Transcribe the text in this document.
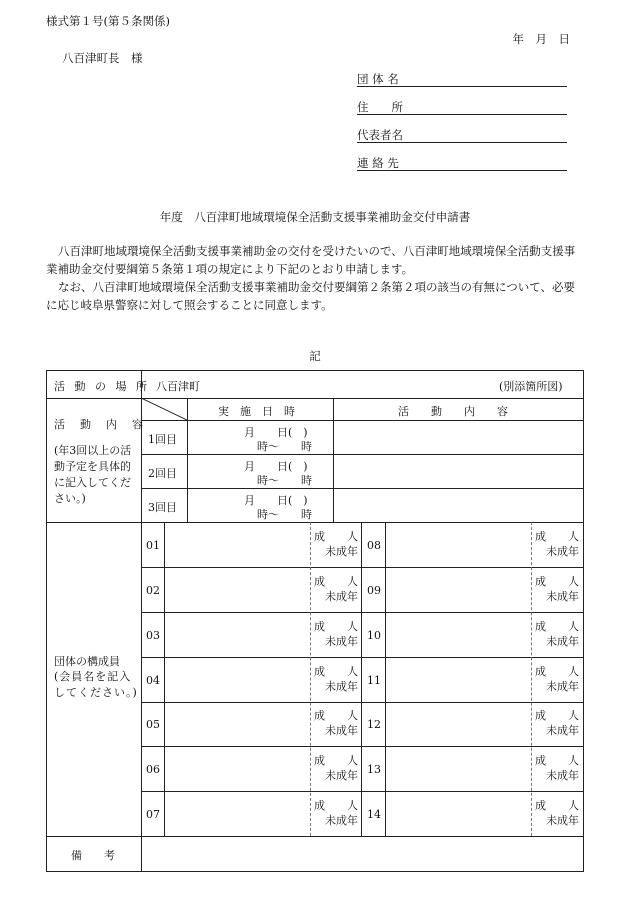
様式第１号(第５条関係)
年　月　日
八百津町長　様
団 体 名
住　　所
代表者名
連 絡 先
年度　八百津町地域環境保全活動支援事業補助金交付申請書
八百津町地域環境保全活動支援事業補助金の交付を受けたいので、八百津町地域環境保全活動支援事業補助金交付要綱第５条第１項の規定により下記のとおり申請します。
なお、八百津町地域環境保全活動支援事業補助金交付要綱第２条第２項の該当の有無について、必要に応じ岐阜県警察に対して照会することに同意します。
記
活 動 の 場 所 八百津町	(別添箇所図)
活　動　内　容
(年3回以上の活動予定を具体的に記入してください。)
実　施　日　時	活　　動　　内　　容
1回目
月　　日(　)
時〜　　時
2回目
月　　日(　)
時〜　　時
3回目
月　　日(　)
時〜　　時
団体の構成員
(会員名を記入してください。)
01
成　　人
未成年
02
成　　人
未成年
03
成　　人
未成年
04
成　　人
未成年
05
成　　人
未成年
06
成　　人
未成年
07
成　　人
未成年
08
成　　人
未成年
09
成　　人
未成年
10
成　　人
未成年
11
成　　人
未成年
12
成　　人
未成年
13
成　　人
未成年
14
成　　人
未成年
備　　考
